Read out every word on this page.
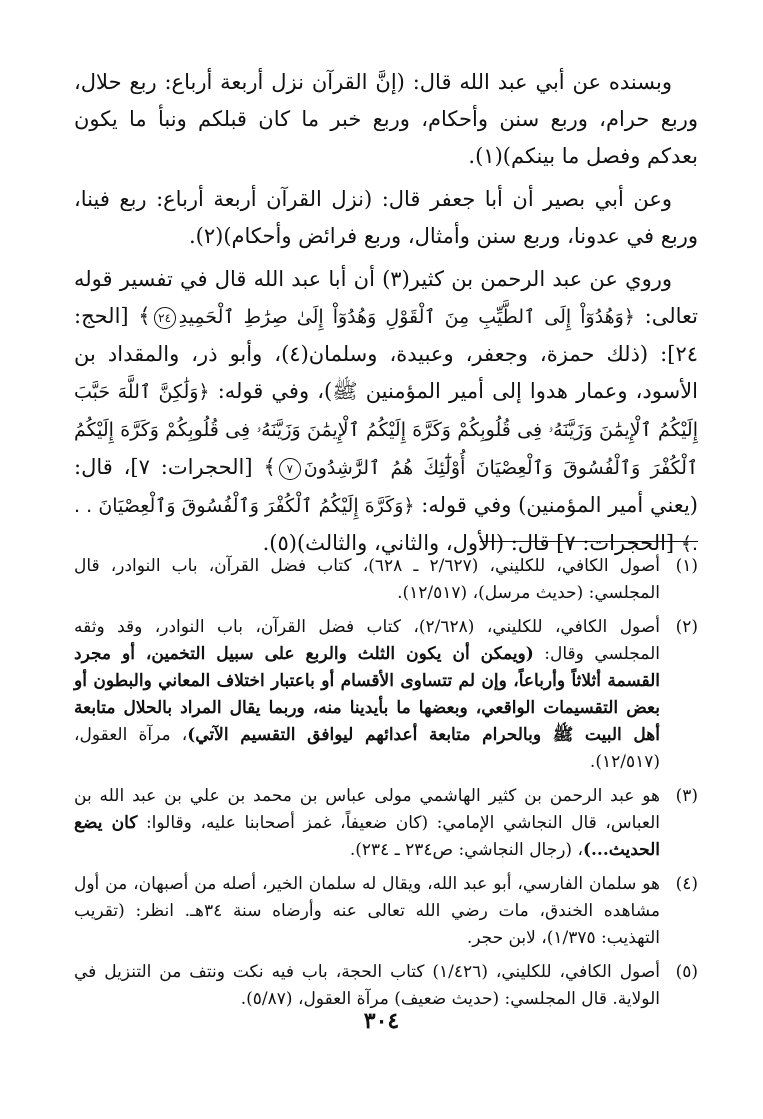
وبسنده عن أبي عبد الله قال: (إنَّ القرآن نزل أربعة أرباع: ربع حلال، وربع حرام، وربع سنن وأحكام، وربع خبر ما كان قبلكم ونبأ ما يكون بعدكم وفصل ما بينكم)(١).

وعن أبي بصير أن أبا جعفر قال: (نزل القرآن أربعة أرباع: ربع فينا، وربع في عدونا، وربع سنن وأمثال، وربع فرائض وأحكام)(٢).

وروي عن عبد الرحمن بن كثير(٣) أن أبا عبد الله قال في تفسير قوله تعالى: ﴿وَهُدُوٓاْ إِلَى ٱلطَّيِّبِ مِنَ ٱلْقَوْلِ وَهُدُوٓاْ إِلَىٰ صِرَٰطِ ٱلْحَمِيدِ٢٤﴾ [الحج: ٢٤]: (ذلك حمزة، وجعفر، وعبيدة، وسلمان(٤)، وأبو ذر، والمقداد بن الأسود، وعمار هدوا إلى أمير المؤمنين ﷺ)، وفي قوله: ﴿وَلَٰكِنَّ ٱللَّهَ حَبَّبَ إِلَيْكُمُ ٱلْإِيمَٰنَ وَزَيَّنَهُۥ فِى قُلُوبِكُمْ وَكَرَّهَ إِلَيْكُمُ ٱلْإِيمَٰنَ وَزَيَّنَهُۥ فِى قُلُوبِكُمْ وَكَرَّهَ إِلَيْكُمُ ٱلْكُفْرَ وَٱلْفُسُوقَ وَٱلْعِصْيَانَ أُوْلَٰٓئِكَ هُمُ ٱلرَّٰشِدُونَ٧﴾ [الحجرات: ٧]، قال: (يعني أمير المؤمنين) وفي قوله: ﴿وَكَرَّهَ إِلَيْكُمُ ٱلْكُفْرَ وَٱلْفُسُوقَ وَٱلْعِصْيَانَ . . .﴾ [الحجرات: ٧] قال: (الأول، والثاني، والثالث)(٥).

(١)
أصول الكافي، للكليني، (٢/٦٢٧ ـ ٦٢٨)، كتاب فضل القرآن، باب النوادر، قال المجلسي: (حديث مرسل)، (١٢/٥١٧).
(٢)
أصول الكافي، للكليني، (٢/٦٢٨)، كتاب فضل القرآن، باب النوادر، وقد وثقه المجلسي وقال: (ويمكن أن يكون الثلث والربع على سبيل التخمين، أو مجرد القسمة أثلاثاً وأرباعاً، وإن لم تتساوى الأقسام أو باعتبار اختلاف المعاني والبطون أو بعض التقسيمات الواقعي، وبعضها ما بأيدينا منه، وربما يقال المراد بالحلال متابعة أهل البيت ﷺ وبالحرام متابعة أعدائهم ليوافق التقسيم الآتي)، مرآة العقول، (١٢/٥١٧).
(٣)
هو عبد الرحمن بن كثير الهاشمي مولى عباس بن محمد بن علي بن عبد الله بن العباس، قال النجاشي الإمامي: (كان ضعيفاً، غمز أصحابنا عليه، وقالوا: كان يضع الحديث...)، (رجال النجاشي: ص٢٣٤ ـ ٢٣٤).
(٤)
هو سلمان الفارسي، أبو عبد الله، ويقال له سلمان الخير، أصله من أصبهان، من أول مشاهده الخندق، مات رضي الله تعالى عنه وأرضاه سنة ٣٤هـ. انظر: (تقريب التهذيب: ١/٣٧٥)، لابن حجر.
(٥)
أصول الكافي، للكليني، (١/٤٢٦) كتاب الحجة، باب فيه نكت ونتف من التنزيل في الولاية. قال المجلسي: (حديث ضعيف) مرآة العقول، (٥/٨٧).
٣٠٤
